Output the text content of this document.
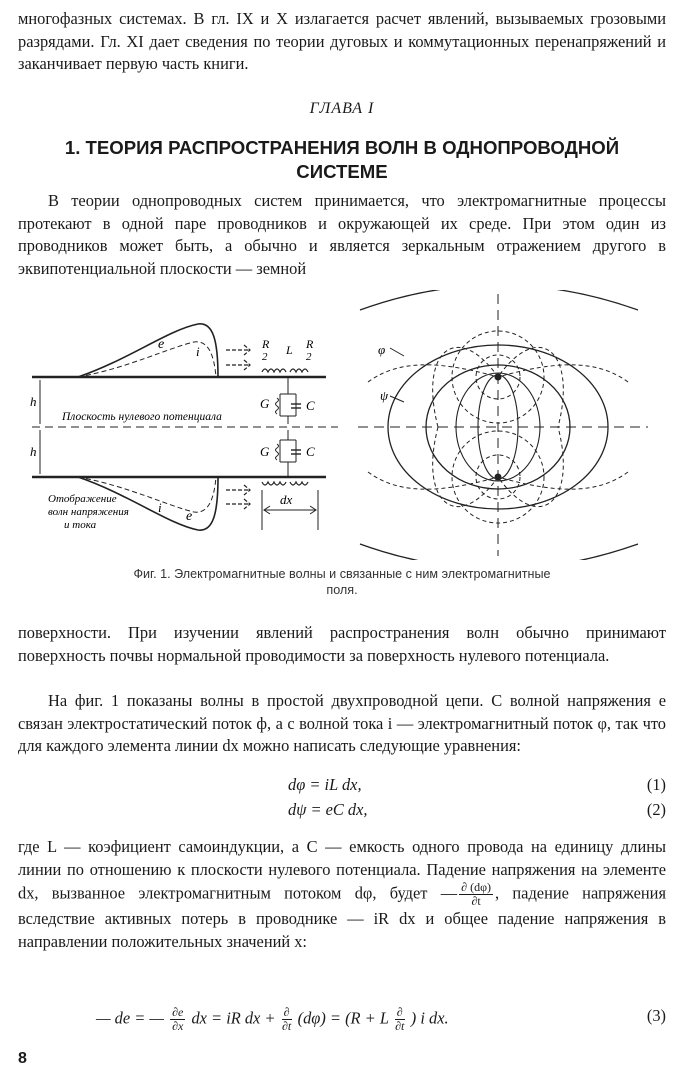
многофазных системах. В гл. IX и X излагается расчет явлений, вызываемых грозовыми разрядами. Гл. XI дает сведения по теории дуговых и коммутационных перенапряжений и заканчивает первую часть книги.

ГЛАВА I
1. ТЕОРИЯ РАСПРОСТРАНЕНИЯ ВОЛН В ОДНОПРОВОДНОЙ
СИСТЕМЕ

В теории однопроводных систем принимается, что электромагнитные процессы протекают в одной паре проводников и окружающей их среде. При этом один из проводников может быть, а обычно и является зеркальным отражением другого в эквипотенциальной плоскости — земной

e i	R
2 L R
2
G	C
G	C
h
h
Плоскость нулевого потенциала
Отображение
волн напряжения
и тока
i
e
dx
φ
ψ
Фиг. 1. Электромагнитные волны и связанные с ним электромагнитные
поля.

поверхности. При изучении явлений распространения волн обычно принимают поверхность почвы нормальной проводимости за поверхность нулевого потенциала.

На фиг. 1 показаны волны в простой двухпроводной цепи. С волной напряжения e связан электростатический поток ф, а с волной тока i — электромагнитный поток φ, так что для каждого элемента линии dx можно написать следующие уравнения:

dφ = iL dx,	(1)
dψ = eC dx,	(2)

где L — коэфициент самоиндукции, а C — емкость одного провода на единицу длины линии по отношению к плоскости нулевого потенциала. Падение напряжения на элементе dx, вызванное электромагнитным потоком dφ, будет — $\frac{\partial (d\varphi)}{\partial t}$ , падение напряжения вследствие активных потерь в проводнике — iR dx и общее падение напряжения в направлении положительных значений x:

— de = — $\frac{\partial e}{\partial x}$ dx = iR dx + $\frac{\partial}{\partial t} (d\varphi) = (R + L \frac{\partial}{\partial t}$ ) i dx.	(3)
8
